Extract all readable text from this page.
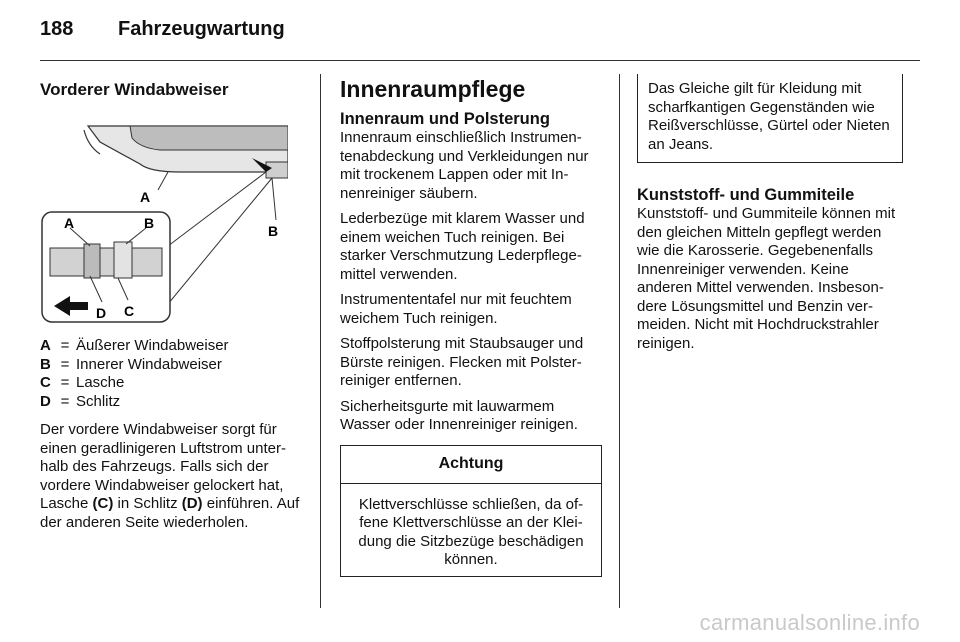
188 Fahrzeugwartung
Vorderer Windabweiser
A
B
A	B
D C
A = Äußerer Windabweiser
B = Innerer Windabweiser
C = Lasche
D = Schlitz

Der vordere Windabweiser sorgt für einen geradlinigeren Luftstrom unterhalb des Fahrzeugs. Falls sich der vordere Windabweiser gelockert hat, Lasche (C) in Schlitz (D) einführen. Auf der anderen Seite wiederholen.

Innenraumpflege
Innenraum und Polsterung

Innenraum einschließlich Instrumentenabdeckung und Verkleidungen nur mit trockenem Lappen oder mit Innenreiniger säubern.

Lederbezüge mit klarem Wasser und einem weichen Tuch reinigen. Bei starker Verschmutzung Lederpflegemittel verwenden.

Instrumententafel nur mit feuchtem weichem Tuch reinigen.

Stoffpolsterung mit Staubsauger und Bürste reinigen. Flecken mit Polsterreiniger entfernen.

Sicherheitsgurte mit lauwarmem Wasser oder Innenreiniger reinigen.

Achtung

Klettverschlüsse schließen, da offene Klettverschlüsse an der Kleidung die Sitzbezüge beschädigen können.

Das Gleiche gilt für Kleidung mit scharfkantigen Gegenständen wie Reißverschlüsse, Gürtel oder Nieten an Jeans.

Kunststoff- und Gummiteile

Kunststoff- und Gummiteile können mit den gleichen Mitteln gepflegt werden wie die Karosserie. Gegebenenfalls Innenreiniger verwenden. Keine anderen Mittel verwenden. Insbesondere Lösungsmittel und Benzin vermeiden. Nicht mit Hochdruckstrahler reinigen.

carmanualsonline.info
